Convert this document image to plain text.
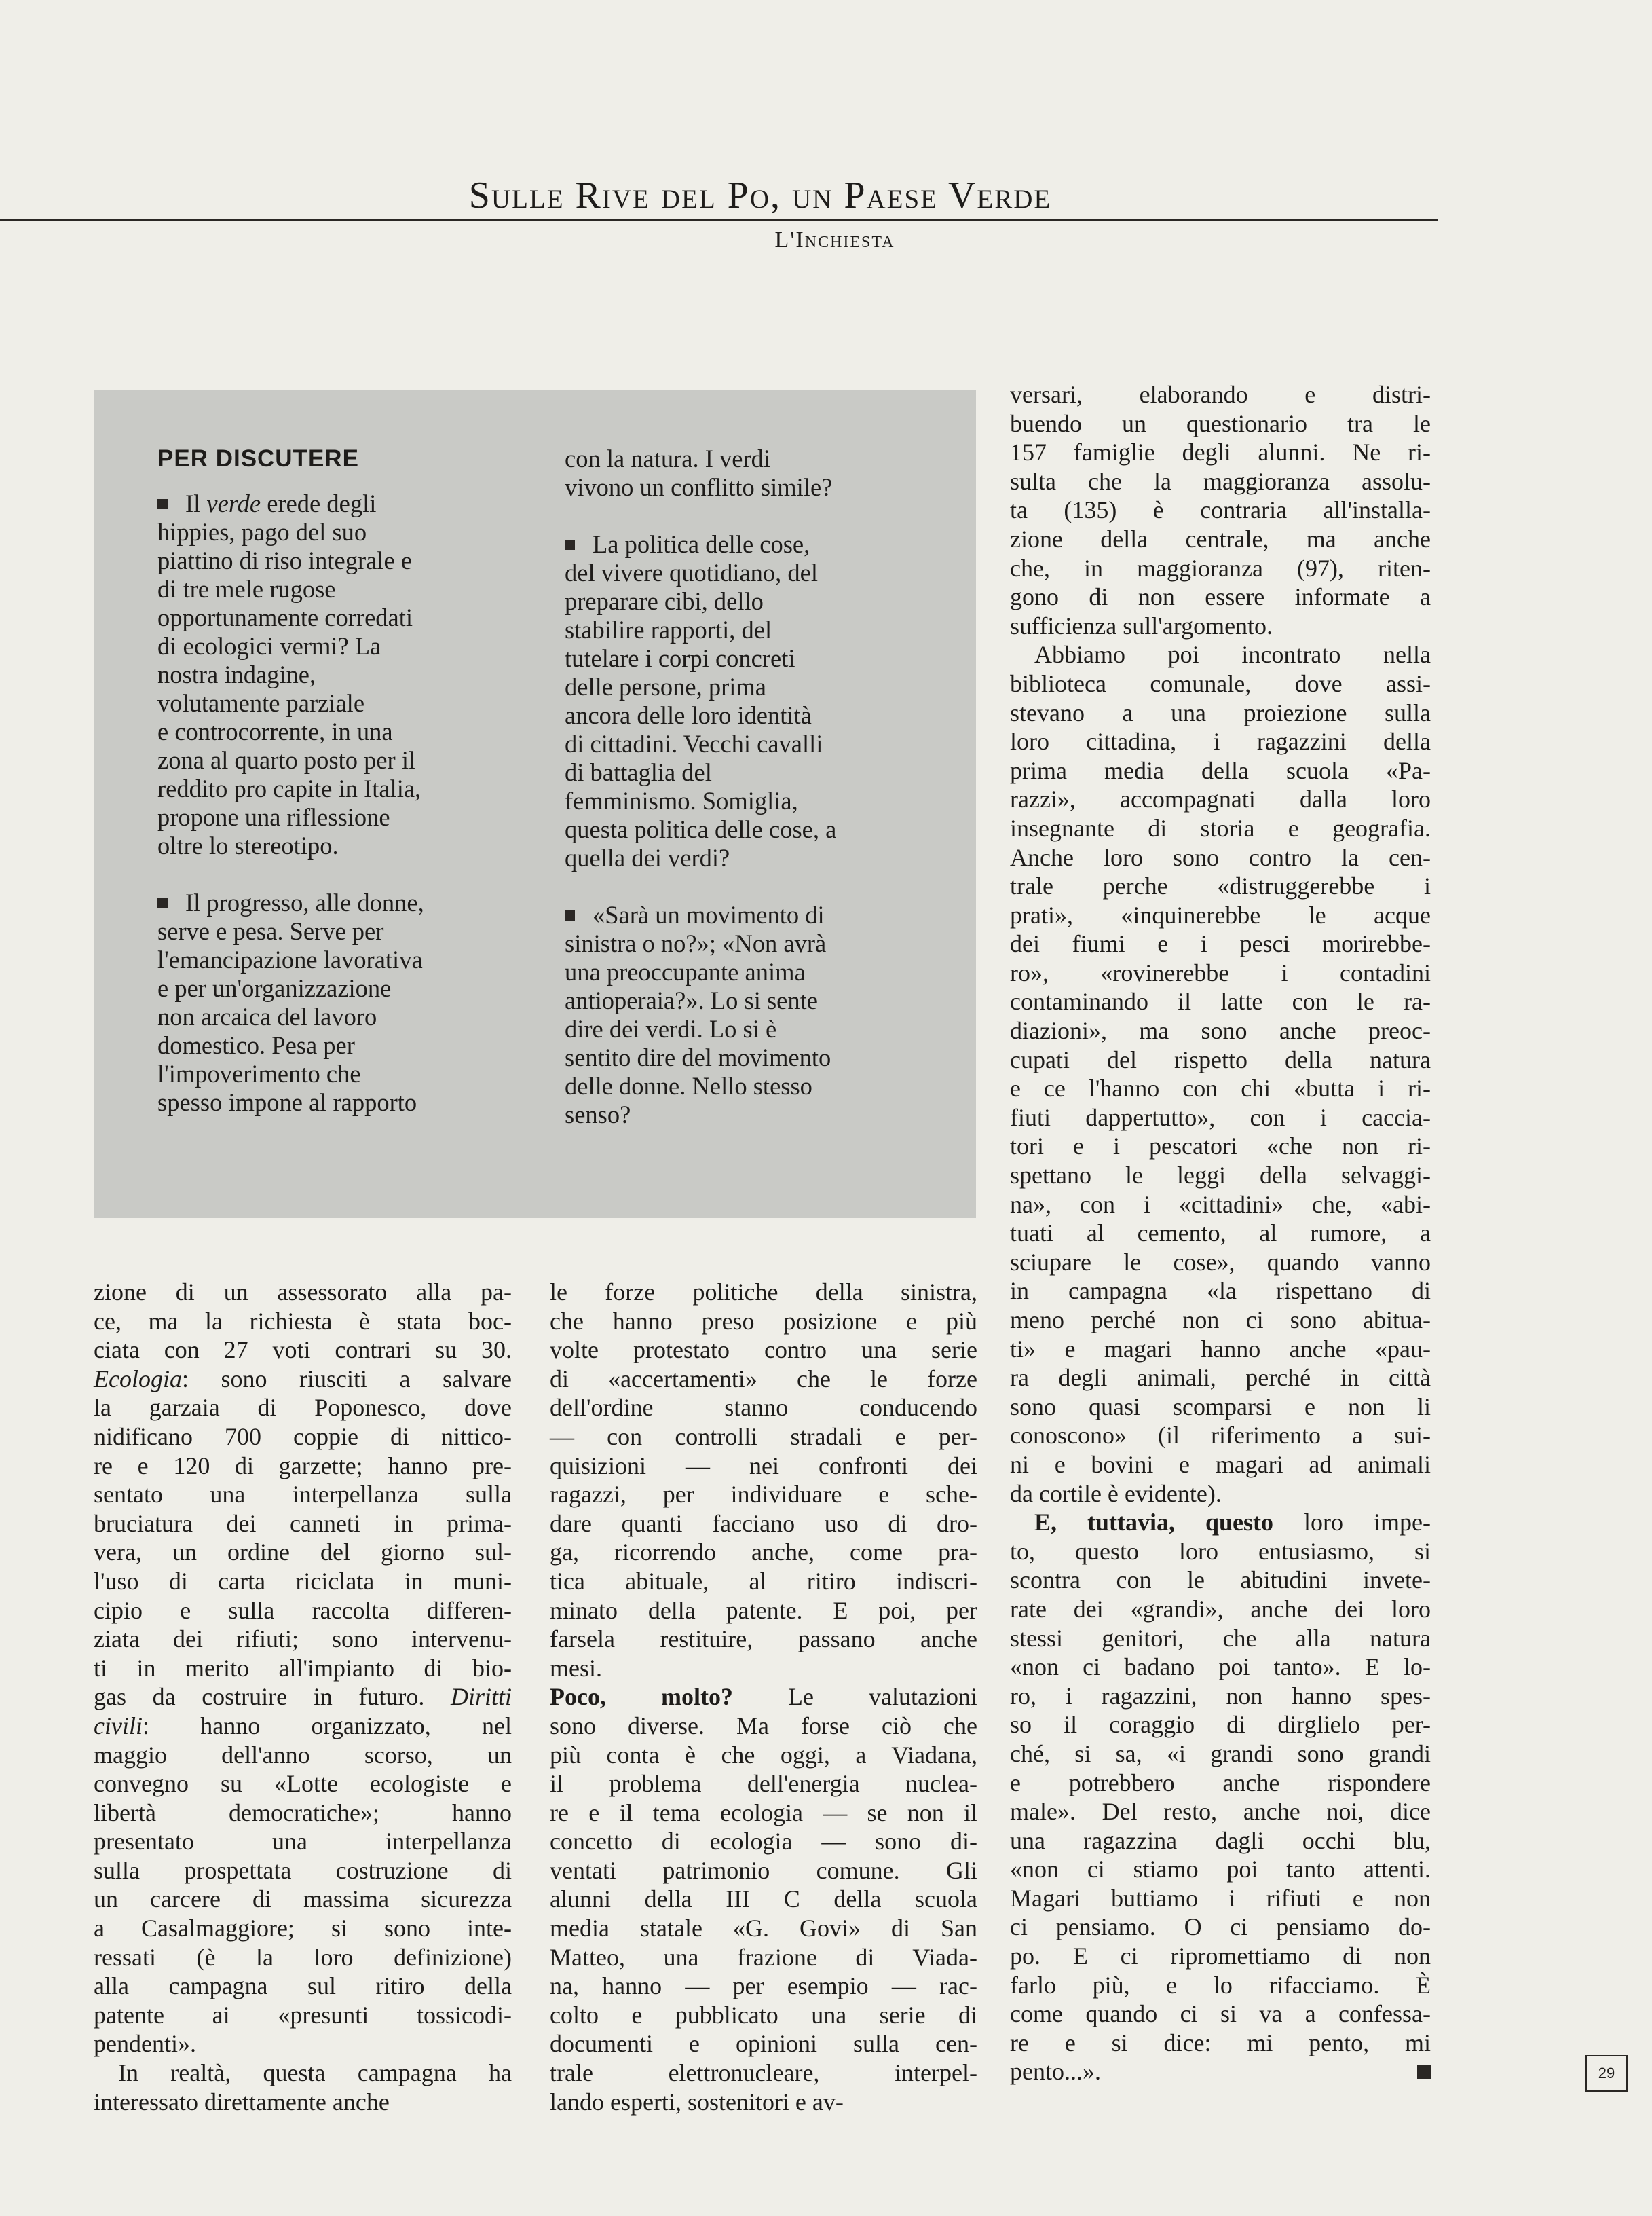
Sulle Rive del Po, un Paese Verde
L'Inchiesta
PER DISCUTERE
Il verde erede degli
hippies, pago del suo
piattino di riso integrale e
di tre mele rugose
opportunamente corredati
di ecologici vermi? La
nostra indagine,
volutamente parziale
e controcorrente, in una
zona al quarto posto per il
reddito pro capite in Italia,
propone una riflessione
oltre lo stereotipo.
Il progresso, alle donne,
serve e pesa. Serve per
l'emancipazione lavorativa
e per un'organizzazione
non arcaica del lavoro
domestico. Pesa per
l'impoverimento che
spesso impone al rapporto
con la natura. I verdi
vivono un conflitto simile?
La politica delle cose,
del vivere quotidiano, del
preparare cibi, dello
stabilire rapporti, del
tutelare i corpi concreti
delle persone, prima
ancora delle loro identità
di cittadini. Vecchi cavalli
di battaglia del
femminismo. Somiglia,
questa politica delle cose, a
quella dei verdi?
«Sarà un movimento di
sinistra o no?»; «Non avrà
una preoccupante anima
antioperaia?». Lo si sente
dire dei verdi. Lo si è
sentito dire del movimento
delle donne. Nello stesso
senso?
zione di un assessorato alla pa-
ce, ma la richiesta è stata boc-
ciata con 27 voti contrari su 30.
Ecologia: sono riusciti a salvare
la garzaia di Poponesco, dove
nidificano 700 coppie di nittico-
re e 120 di garzette; hanno pre-
sentato una interpellanza sulla
bruciatura dei canneti in prima-
vera, un ordine del giorno sul-
l'uso di carta riciclata in muni-
cipio e sulla raccolta differen-
ziata dei rifiuti; sono intervenu-
ti in merito all'impianto di bio-
gas da costruire in futuro. Diritti
civili: hanno organizzato, nel
maggio dell'anno scorso, un
convegno su «Lotte ecologiste e
libertà democratiche»; hanno
presentato una interpellanza
sulla prospettata costruzione di
un carcere di massima sicurezza
a Casalmaggiore; si sono inte-
ressati (è la loro definizione)
alla campagna sul ritiro della
patente ai «presunti tossicodi-
pendenti».
In realtà, questa campagna ha
interessato direttamente anche
le forze politiche della sinistra,
che hanno preso posizione e più
volte protestato contro una serie
di «accertamenti» che le forze
dell'ordine stanno conducendo
— con controlli stradali e per-
quisizioni — nei confronti dei
ragazzi, per individuare e sche-
dare quanti facciano uso di dro-
ga, ricorrendo anche, come pra-
tica abituale, al ritiro indiscri-
minato della patente. E poi, per
farsela restituire, passano anche
mesi.
Poco, molto? Le valutazioni
sono diverse. Ma forse ciò che
più conta è che oggi, a Viadana,
il problema dell'energia nuclea-
re e il tema ecologia — se non il
concetto di ecologia — sono di-
ventati patrimonio comune. Gli
alunni della III C della scuola
media statale «G. Govi» di San
Matteo, una frazione di Viada-
na, hanno — per esempio — rac-
colto e pubblicato una serie di
documenti e opinioni sulla cen-
trale elettronucleare, interpel-
lando esperti, sostenitori e av-
versari, elaborando e distri-
buendo un questionario tra le
157 famiglie degli alunni. Ne ri-
sulta che la maggioranza assolu-
ta (135) è contraria all'installa-
zione della centrale, ma anche
che, in maggioranza (97), riten-
gono di non essere informate a
sufficienza sull'argomento.
Abbiamo poi incontrato nella
biblioteca comunale, dove assi-
stevano a una proiezione sulla
loro cittadina, i ragazzini della
prima media della scuola «Pa-
razzi», accompagnati dalla loro
insegnante di storia e geografia.
Anche loro sono contro la cen-
trale perche «distruggerebbe i
prati», «inquinerebbe le acque
dei fiumi e i pesci morirebbe-
ro», «rovinerebbe i contadini
contaminando il latte con le ra-
diazioni», ma sono anche preoc-
cupati del rispetto della natura
e ce l'hanno con chi «butta i ri-
fiuti dappertutto», con i caccia-
tori e i pescatori «che non ri-
spettano le leggi della selvaggi-
na», con i «cittadini» che, «abi-
tuati al cemento, al rumore, a
sciupare le cose», quando vanno
in campagna «la rispettano di
meno perché non ci sono abitua-
ti» e magari hanno anche «pau-
ra degli animali, perché in città
sono quasi scomparsi e non li
conoscono» (il riferimento a sui-
ni e bovini e magari ad animali
da cortile è evidente).
E, tuttavia, questo loro impe-
to, questo loro entusiasmo, si
scontra con le abitudini invete-
rate dei «grandi», anche dei loro
stessi genitori, che alla natura
«non ci badano poi tanto». E lo-
ro, i ragazzini, non hanno spes-
so il coraggio di dirglielo per-
ché, si sa, «i grandi sono grandi
e potrebbero anche rispondere
male». Del resto, anche noi, dice
una ragazzina dagli occhi blu,
«non ci stiamo poi tanto attenti.
Magari buttiamo i rifiuti e non
ci pensiamo. O ci pensiamo do-
po. E ci ripromettiamo di non
farlo più, e lo rifacciamo. È
come quando ci si va a confessa-
re e si dice: mi pento, mi
pento...».	29
